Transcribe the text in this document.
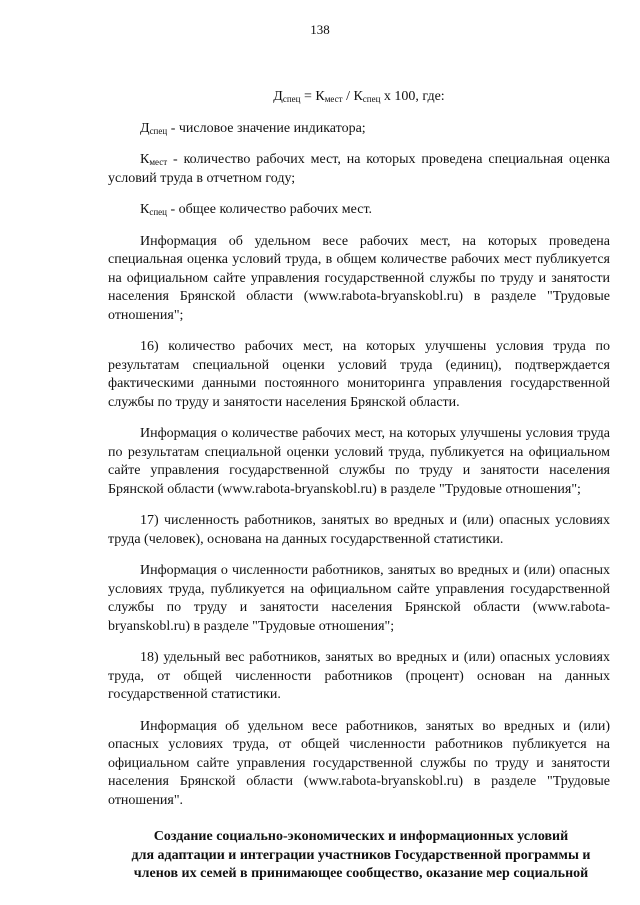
138
$Д_{спец} = К_{мест} / К_{спец}$ x 100, где:

$Д_{спец}$ - числовое значение индикатора;

$К_{мест}$ - количество рабочих мест, на которых проведена специальная оценка условий труда в отчетном году;

$К_{спец}$ - общее количество рабочих мест.

Информация об удельном весе рабочих мест, на которых проведена специальная оценка условий труда, в общем количестве рабочих мест публикуется на официальном сайте управления государственной службы по труду и занятости населения Брянской области (www.rabota-bryanskobl.ru) в разделе "Трудовые отношения";

16) количество рабочих мест, на которых улучшены условия труда по результатам специальной оценки условий труда (единиц), подтверждается фактическими данными постоянного мониторинга управления государственной службы по труду и занятости населения Брянской области.

Информация о количестве рабочих мест, на которых улучшены условия труда по результатам специальной оценки условий труда, публикуется на официальном сайте управления государственной службы по труду и занятости населения Брянской области (www.rabota-bryanskobl.ru) в разделе "Трудовые отношения";

17) численность работников, занятых во вредных и (или) опасных условиях труда (человек), основана на данных государственной статистики.

Информация о численности работников, занятых во вредных и (или) опасных условиях труда, публикуется на официальном сайте управления государственной службы по труду и занятости населения Брянской области (www.rabota-bryanskobl.ru) в разделе "Трудовые отношения";

18) удельный вес работников, занятых во вредных и (или) опасных условиях труда, от общей численности работников (процент) основан на данных государственной статистики.

Информация об удельном весе работников, занятых во вредных и (или) опасных условиях труда, от общей численности работников публикуется на официальном сайте управления государственной службы по труду и занятости населения Брянской области (www.rabota-bryanskobl.ru) в разделе "Трудовые отношения".

Создание социально-экономических и информационных условий
для адаптации и интеграции участников Государственной программы и
членов их семей в принимающее сообщество, оказание мер социальной
